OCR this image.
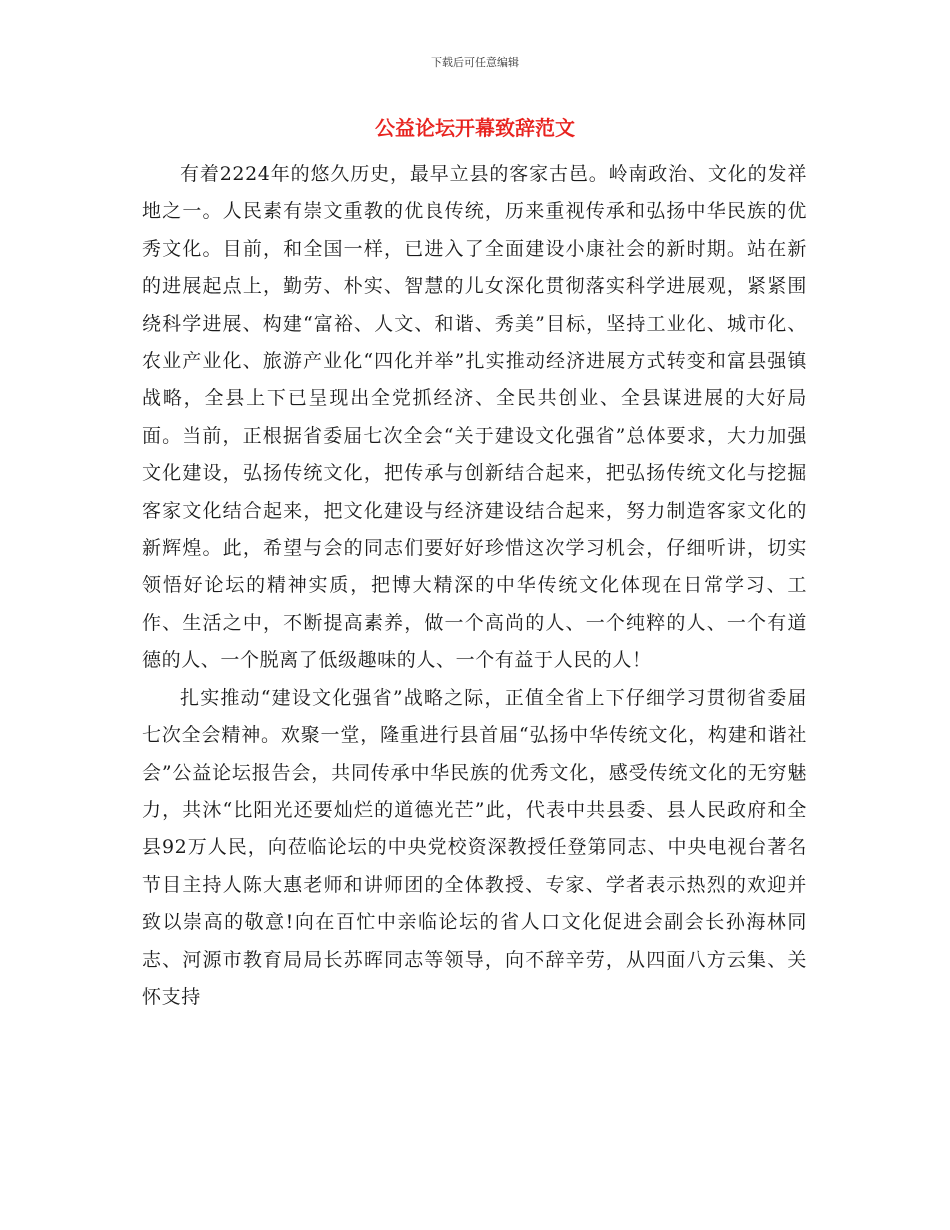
下载后可任意编辑
公益论坛开幕致辞范文

有着2224年的悠久历史，最早立县的客家古邑。岭南政治、文化的发祥地之一。人民素有崇文重教的优良传统，历来重视传承和弘扬中华民族的优秀文化。目前，和全国一样，已进入了全面建设小康社会的新时期。站在新的进展起点上，勤劳、朴实、智慧的儿女深化贯彻落实科学进展观，紧紧围绕科学进展、构建“富裕、人文、和谐、秀美”目标，坚持工业化、城市化、农业产业化、旅游产业化“四化并举”扎实推动经济进展方式转变和富县强镇战略，全县上下已呈现出全党抓经济、全民共创业、全县谋进展的大好局面。当前，正根据省委届七次全会“关于建设文化强省”总体要求，大力加强文化建设，弘扬传统文化，把传承与创新结合起来，把弘扬传统文化与挖掘客家文化结合起来，把文化建设与经济建设结合起来，努力制造客家文化的新辉煌。此，希望与会的同志们要好好珍惜这次学习机会，仔细听讲，切实领悟好论坛的精神实质，把博大精深的中华传统文化体现在日常学习、工作、生活之中，不断提高素养，做一个高尚的人、一个纯粹的人、一个有道德的人、一个脱离了低级趣味的人、一个有益于人民的人！

扎实推动“建设文化强省”战略之际，正值全省上下仔细学习贯彻省委届七次全会精神。欢聚一堂，隆重进行县首届“弘扬中华传统文化，构建和谐社会”公益论坛报告会，共同传承中华民族的优秀文化，感受传统文化的无穷魅力，共沐“比阳光还要灿烂的道德光芒”此，代表中共县委、县人民政府和全县92万人民，向莅临论坛的中央党校资深教授任登第同志、中央电视台著名节目主持人陈大惠老师和讲师团的全体教授、专家、学者表示热烈的欢迎并致以崇高的敬意!向在百忙中亲临论坛的省人口文化促进会副会长孙海林同志、河源市教育局局长苏晖同志等领导，向不辞辛劳，从四面八方云集、关怀支持
